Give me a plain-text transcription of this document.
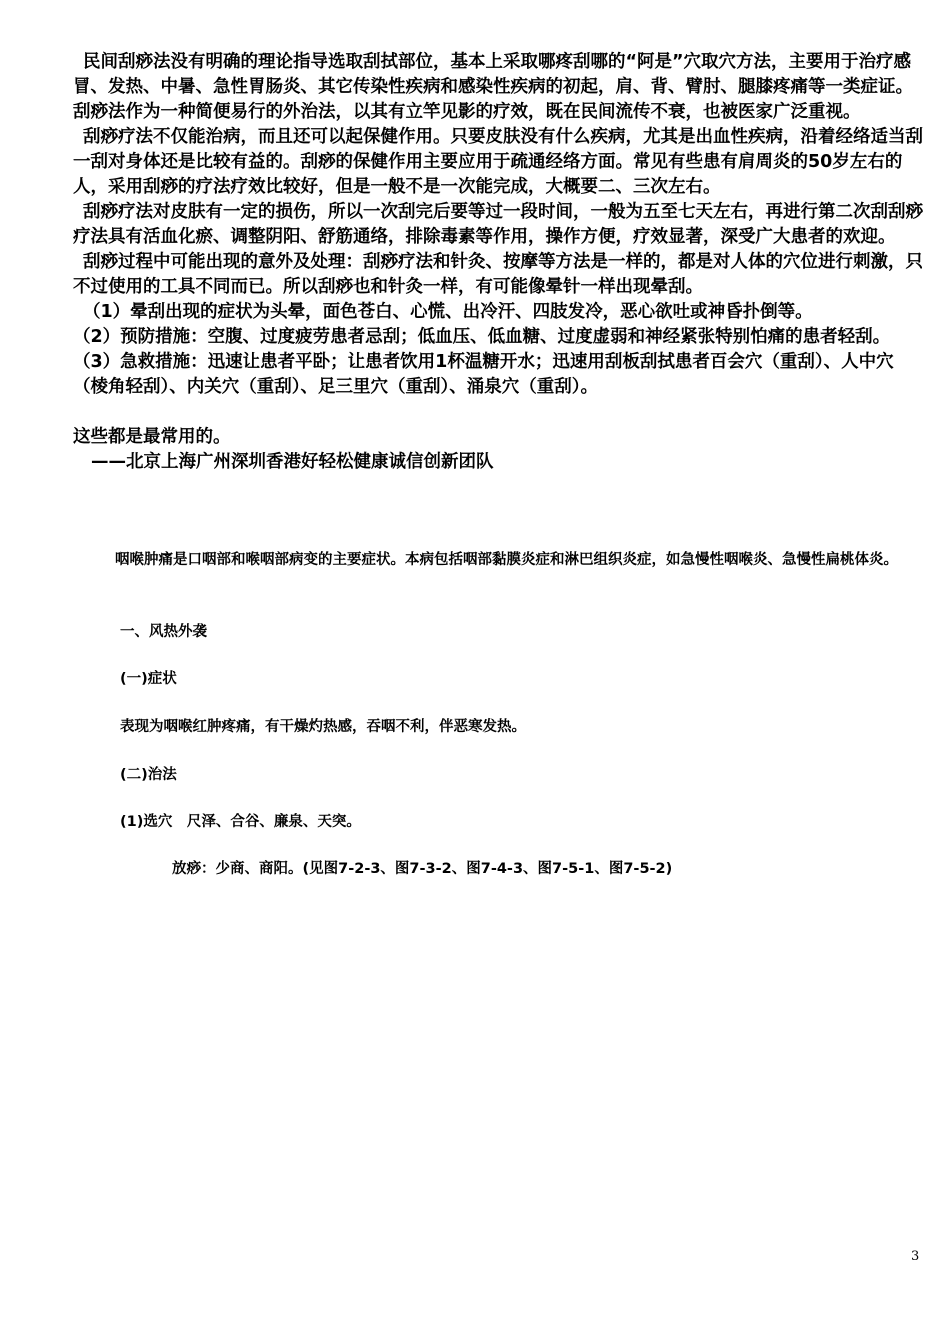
民间刮痧法没有明确的理论指导选取刮拭部位，基本上采取哪疼刮哪的“阿是”穴取穴方法，主要用于治疗感冒、发热、中暑、急性胃肠炎、其它传染性疾病和感染性疾病的初起，肩、背、臂肘、腿膝疼痛等一类症证。刮痧法作为一种简便易行的外治法，以其有立竿见影的疗效，既在民间流传不衰，也被医家广泛重视。

刮痧疗法不仅能治病，而且还可以起保健作用。只要皮肤没有什么疾病，尤其是出血性疾病，沿着经络适当刮一刮对身体还是比较有益的。刮痧的保健作用主要应用于疏通经络方面。常见有些患有肩周炎的50岁左右的人，采用刮痧的疗法疗效比较好，但是一般不是一次能完成，大概要二、三次左右。

刮痧疗法对皮肤有一定的损伤，所以一次刮完后要等过一段时间，一般为五至七天左右，再进行第二次刮刮痧疗法具有活血化瘀、调整阴阳、舒筋通络，排除毒素等作用，操作方便，疗效显著，深受广大患者的欢迎。

刮痧过程中可能出现的意外及处理：刮痧疗法和针灸、按摩等方法是一样的，都是对人体的穴位进行刺激，只不过使用的工具不同而已。所以刮痧也和针灸一样，有可能像晕针一样出现晕刮。

（1）晕刮出现的症状为头晕，面色苍白、心慌、出冷汗、四肢发冷，恶心欲吐或神昏扑倒等。

（2）预防措施：空腹、过度疲劳患者忌刮；低血压、低血糖、过度虚弱和神经紧张特别怕痛的患者轻刮。

（3）急救措施：迅速让患者平卧；让患者饮用1杯温糖开水；迅速用刮板刮拭患者百会穴（重刮）、人中穴（棱角轻刮）、内关穴（重刮）、足三里穴（重刮）、涌泉穴（重刮）。

这些都是最常用的。

——北京上海广州深圳香港好轻松健康诚信创新团队

咽喉肿痛是口咽部和喉咽部病变的主要症状。本病包括咽部黏膜炎症和淋巴组织炎症，如急慢性咽喉炎、急慢性扁桃体炎。

一、风热外袭

(一)症状

表现为咽喉红肿疼痛，有干燥灼热感，吞咽不利，伴恶寒发热。

(二)治法

(1)选穴　尺泽、合谷、廉泉、天突。

放痧：少商、商阳。(见图7-2-3、图7-3-2、图7-4-3、图7-5-1、图7-5-2)

3
